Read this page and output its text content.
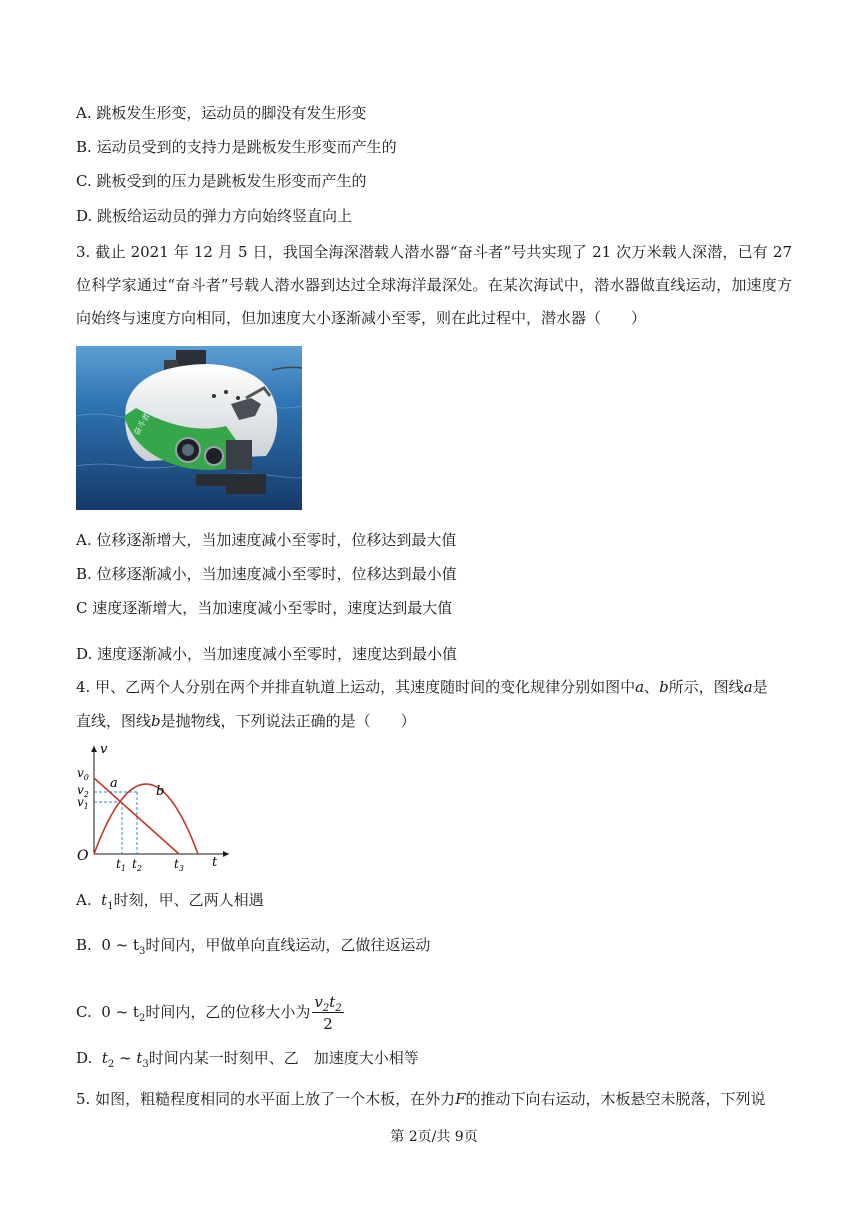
A. 跳板发生形变，运动员的脚没有发生形变
B. 运动员受到的支持力是跳板发生形变而产生的
C. 跳板受到的压力是跳板发生形变而产生的
D. 跳板给运动员的弹力方向始终竖直向上
3. 截止 2021 年 12 月 5 日，我国全海深潜载人潜水器“奋斗者”号共实现了 21 次万米载人深潜，已有 27 位科学家通过“奋斗者”号载人潜水器到达过全球海洋最深处。在某次海试中，潜水器做直线运动，加速度方向始终与速度方向相同，但加速度大小逐渐减小至零，则在此过程中，潜水器（　　）
奋斗者
A. 位移逐渐增大，当加速度减小至零时，位移达到最大值
B. 位移逐渐减小，当加速度减小至零时，位移达到最小值
C 速度逐渐增大，当加速度减小至零时，速度达到最大值
D. 速度逐渐减小，当加速度减小至零时，速度达到最小值
4. 甲、乙两个人分别在两个并排直轨道上运动，其速度随时间的变化规律分别如图中a、b所示，图线a是
直线，图线b是抛物线，下列说法正确的是（　　）
v
t
O
a
b
$v_0$
$v_2$
$v_1$
$t_1$ $t_2$	$t_3$
A. $t_1$时刻，甲、乙两人相遇
B. 0 ~ $t_3$时间内，甲做单向直线运动，乙做往返运动
C. 0 ~ $t_2$时间内，乙的位移大小为 $\frac{v_2t_2}{2}$
D. $t_2$ ~ $t_3$时间内某一时刻甲、乙　加速度大小相等
5. 如图，粗糙程度相同的水平面上放了一个木板，在外力F的推动下向右运动，木板悬空未脱落，下列说
第 2页/共 9页
